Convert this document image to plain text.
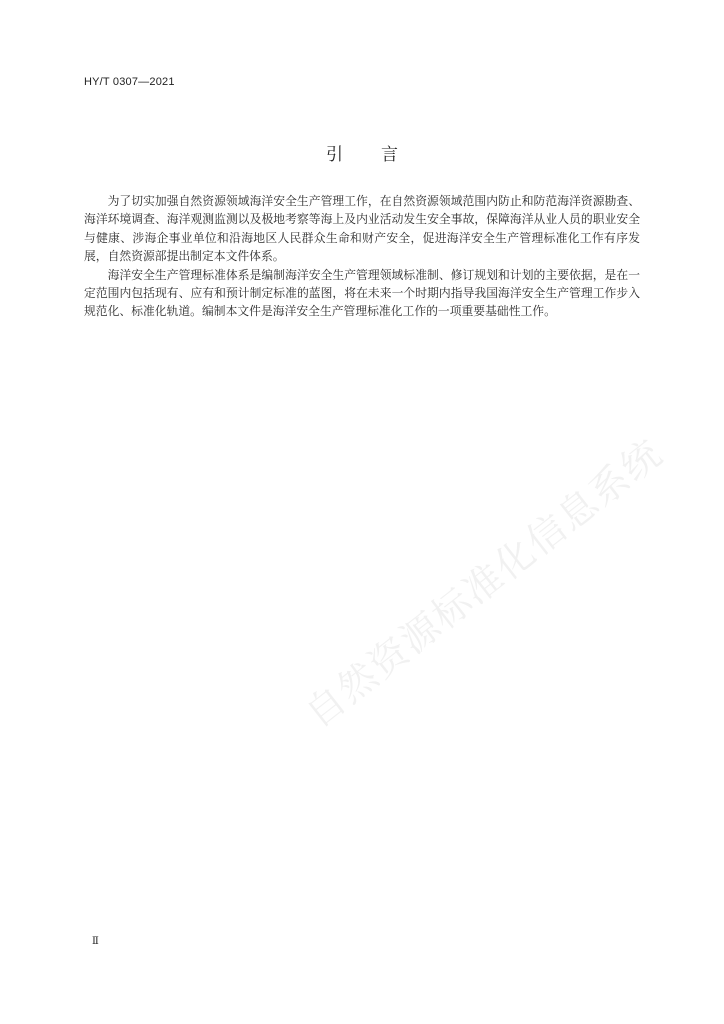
HY/T 0307—2021

引言

为了切实加强自然资源领域海洋安全生产管理工作，在自然资源领域范围内防止和防范海洋资源勘查、海洋环境调查、海洋观测监测以及极地考察等海上及内业活动发生安全事故，保障海洋从业人员的职业安全与健康、涉海企事业单位和沿海地区人民群众生命和财产安全，促进海洋安全生产管理标准化工作有序发展，自然资源部提出制定本文件体系。

海洋安全生产管理标准体系是编制海洋安全生产管理领域标准制、修订规划和计划的主要依据，是在一定范围内包括现有、应有和预计制定标准的蓝图，将在未来一个时期内指导我国海洋安全生产管理工作步入规范化、标准化轨道。编制本文件是海洋安全生产管理标准化工作的一项重要基础性工作。

自然资源标准化信息系统

Ⅱ
